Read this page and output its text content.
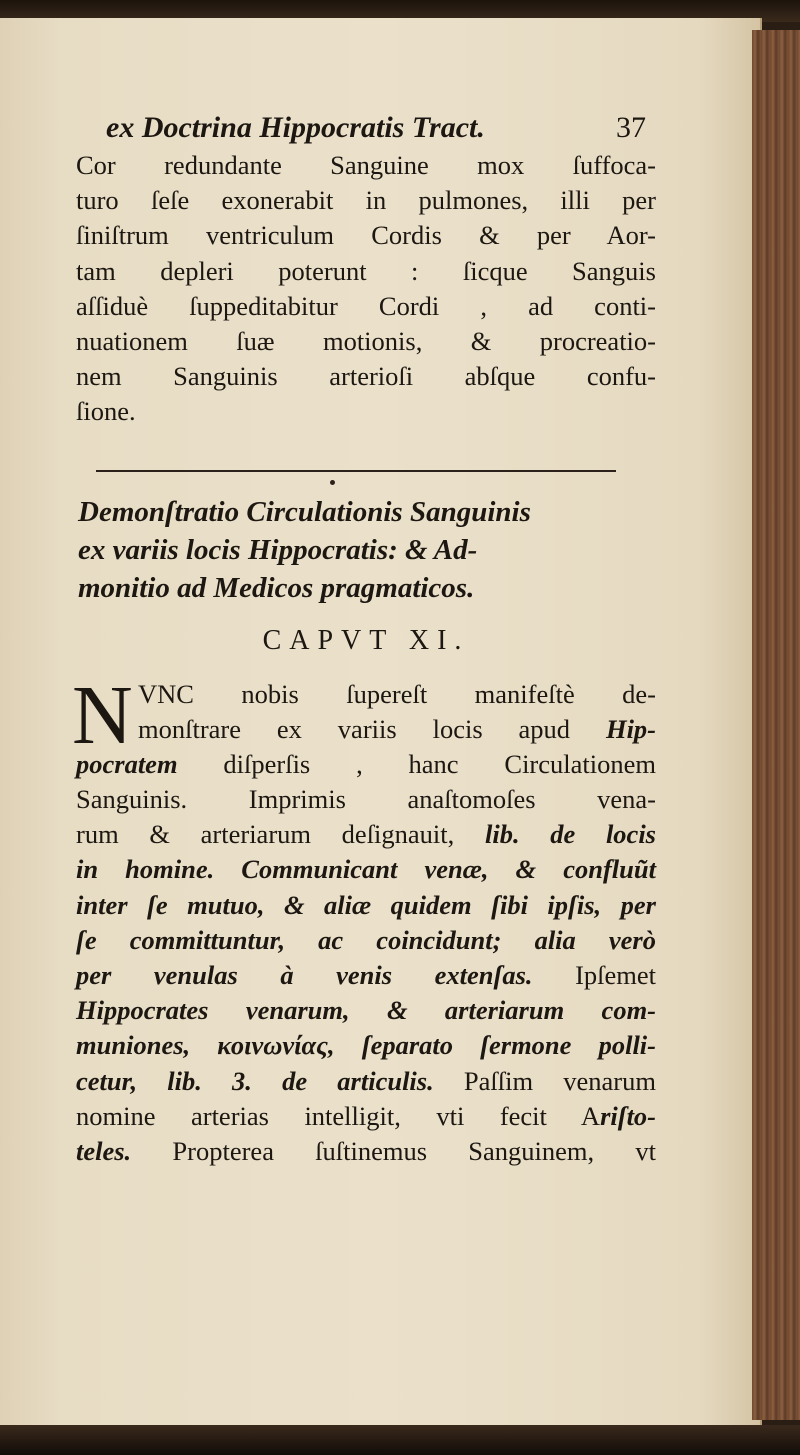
ex Doctrina Hippocratis Tract.	37
Cor redundante Sanguine mox ſuffoca-
turo ſeſe exonerabit in pulmones, illi per
ſiniſtrum ventriculum Cordis & per Aor-
tam depleri poterunt : ſicque Sanguis
aſſiduè ſuppeditabitur Cordi , ad conti-
nuationem ſuæ motionis, & procreatio-
nem Sanguinis arterioſi abſque confu-
ſione.
Demonſtratio Circulationis Sanguinis
ex variis locis Hippocratis: & Ad-
monitio ad Medicos pragmaticos.
CAPVT XI.
N VNC nobis ſupereſt manifeſtè de-
monſtrare ex variis locis apud Hip-
pocratem diſperſis , hanc Circulationem
Sanguinis. Imprimis anaſtomoſes vena-
rum & arteriarum deſignauit, lib. de locis
in homine. Communicant venæ, & confluũt
inter ſe mutuo, & aliæ quidem ſibi ipſis, per
ſe committuntur, ac coincidunt; alia verò
per venulas à venis extenſas. Ipſemet
Hippocrates venarum, & arteriarum com-
muniones, κοινωνίας, ſeparato ſermone polli-
cetur, lib. 3. de articulis. Paſſim venarum
nomine arterias intelligit, vti fecit Ariſto-
teles. Propterea ſuſtinemus Sanguinem, vt
